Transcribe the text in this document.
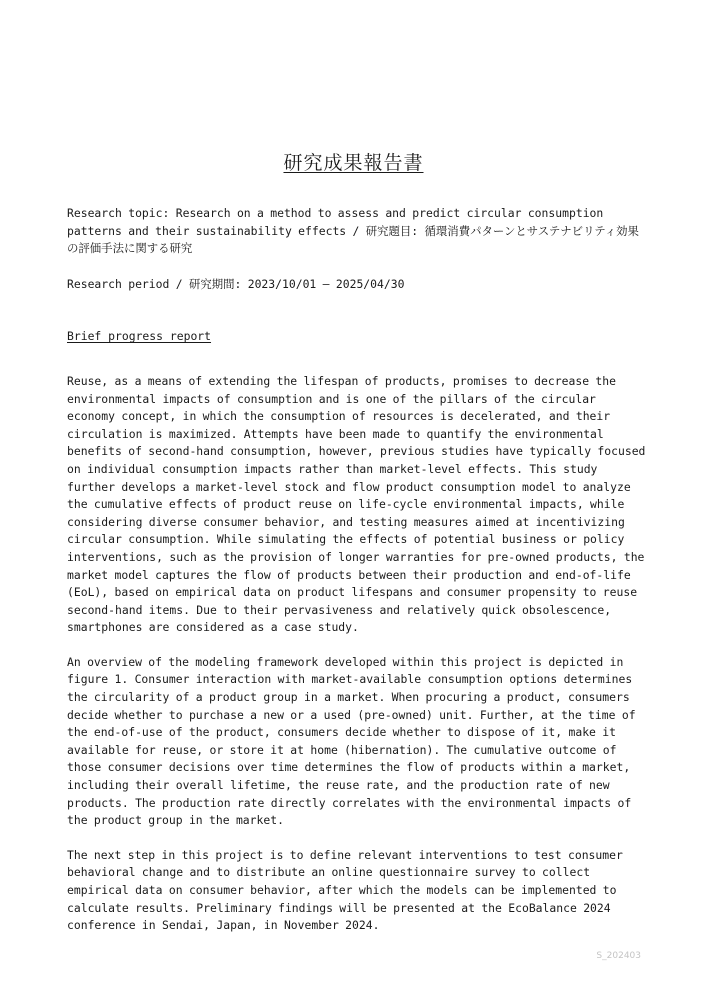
研究成果報告書

Research topic: Research on a method to assess and predict circular consumption patterns and their sustainability effects / 研究題目: 循環消費パターンとサステナビリティ効果の評価手法に関する研究

Research period / 研究期間: 2023/10/01 – 2025/04/30

Brief progress report

Reuse, as a means of extending the lifespan of products, promises to decrease the environmental impacts of consumption and is one of the pillars of the circular economy concept, in which the consumption of resources is decelerated, and their circulation is maximized. Attempts have been made to quantify the environmental benefits of second-hand consumption, however, previous studies have typically focused on individual consumption impacts rather than market-level effects. This study further develops a market-level stock and flow product consumption model to analyze the cumulative effects of product reuse on life-cycle environmental impacts, while considering diverse consumer behavior, and testing measures aimed at incentivizing circular consumption. While simulating the effects of potential business or policy interventions, such as the provision of longer warranties for pre-owned products, the market model captures the flow of products between their production and end-of-life (EoL), based on empirical data on product lifespans and consumer propensity to reuse second-hand items. Due to their pervasiveness and relatively quick obsolescence, smartphones are considered as a case study.

An overview of the modeling framework developed within this project is depicted in figure 1. Consumer interaction with market-available consumption options determines the circularity of a product group in a market. When procuring a product, consumers decide whether to purchase a new or a used (pre-owned) unit. Further, at the time of the end-of-use of the product, consumers decide whether to dispose of it, make it available for reuse, or store it at home (hibernation). The cumulative outcome of those consumer decisions over time determines the flow of products within a market, including their overall lifetime, the reuse rate, and the production rate of new products. The production rate directly correlates with the environmental impacts of the product group in the market.

The next step in this project is to define relevant interventions to test consumer behavioral change and to distribute an online questionnaire survey to collect empirical data on consumer behavior, after which the models can be implemented to calculate results. Preliminary findings will be presented at the EcoBalance 2024 conference in Sendai, Japan, in November 2024.

S_202403
